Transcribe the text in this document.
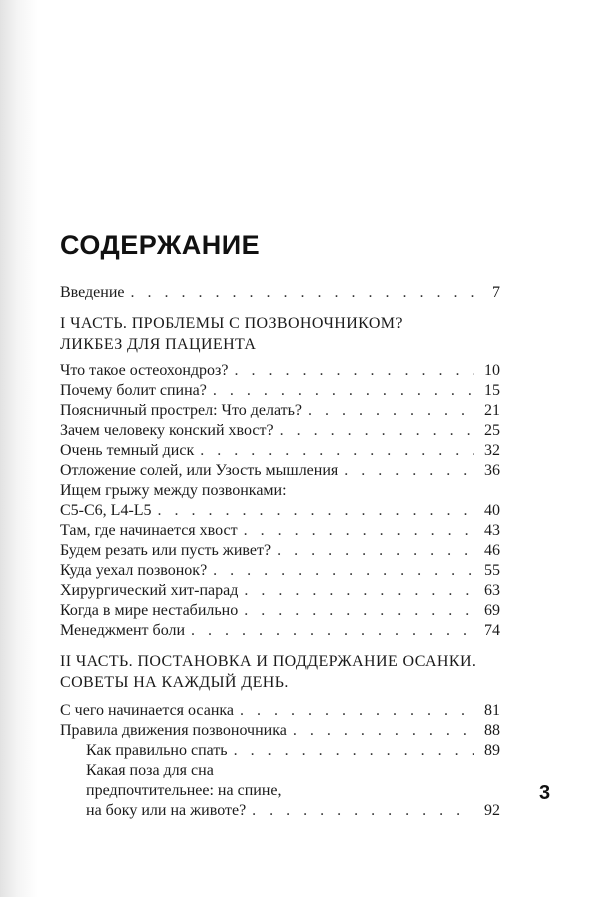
СОДЕРЖАНИЕ
Введение . . .	7
I ЧАСТЬ. ПРОБЛЕМЫ С ПОЗВОНОЧНИКОМ?
ЛИКБЕЗ ДЛЯ ПАЦИЕНТА
Что такое остеохондроз? . . .	10
Почему болит спина? . . .	15
Поясничный прострел: Что делать? . . .	21
Зачем человеку конский хвост? . . .	25
Очень темный диск . . .	32
Отложение солей, или Узость мышления . . .	36
Ищем грыжу между позвонками:
C5-C6, L4-L5 . . .	40
Там, где начинается хвост . . .	43
Будем резать или пусть живет? . . .	46
Куда уехал позвонок? . . .	55
Хирургический хит-парад . . .	63
Когда в мире нестабильно . . .	69
Менеджмент боли . . .	74
II ЧАСТЬ. ПОСТАНОВКА И ПОДДЕРЖАНИЕ ОСАНКИ.
СОВЕТЫ НА КАЖДЫЙ ДЕНЬ.
С чего начинается осанка . . .	81
Правила движения позвоночника . . .	88
Как правильно спать . . .	89
Какая поза для сна
предпочтительнее: на спине,
на боку или на животе? . . .	92
3
